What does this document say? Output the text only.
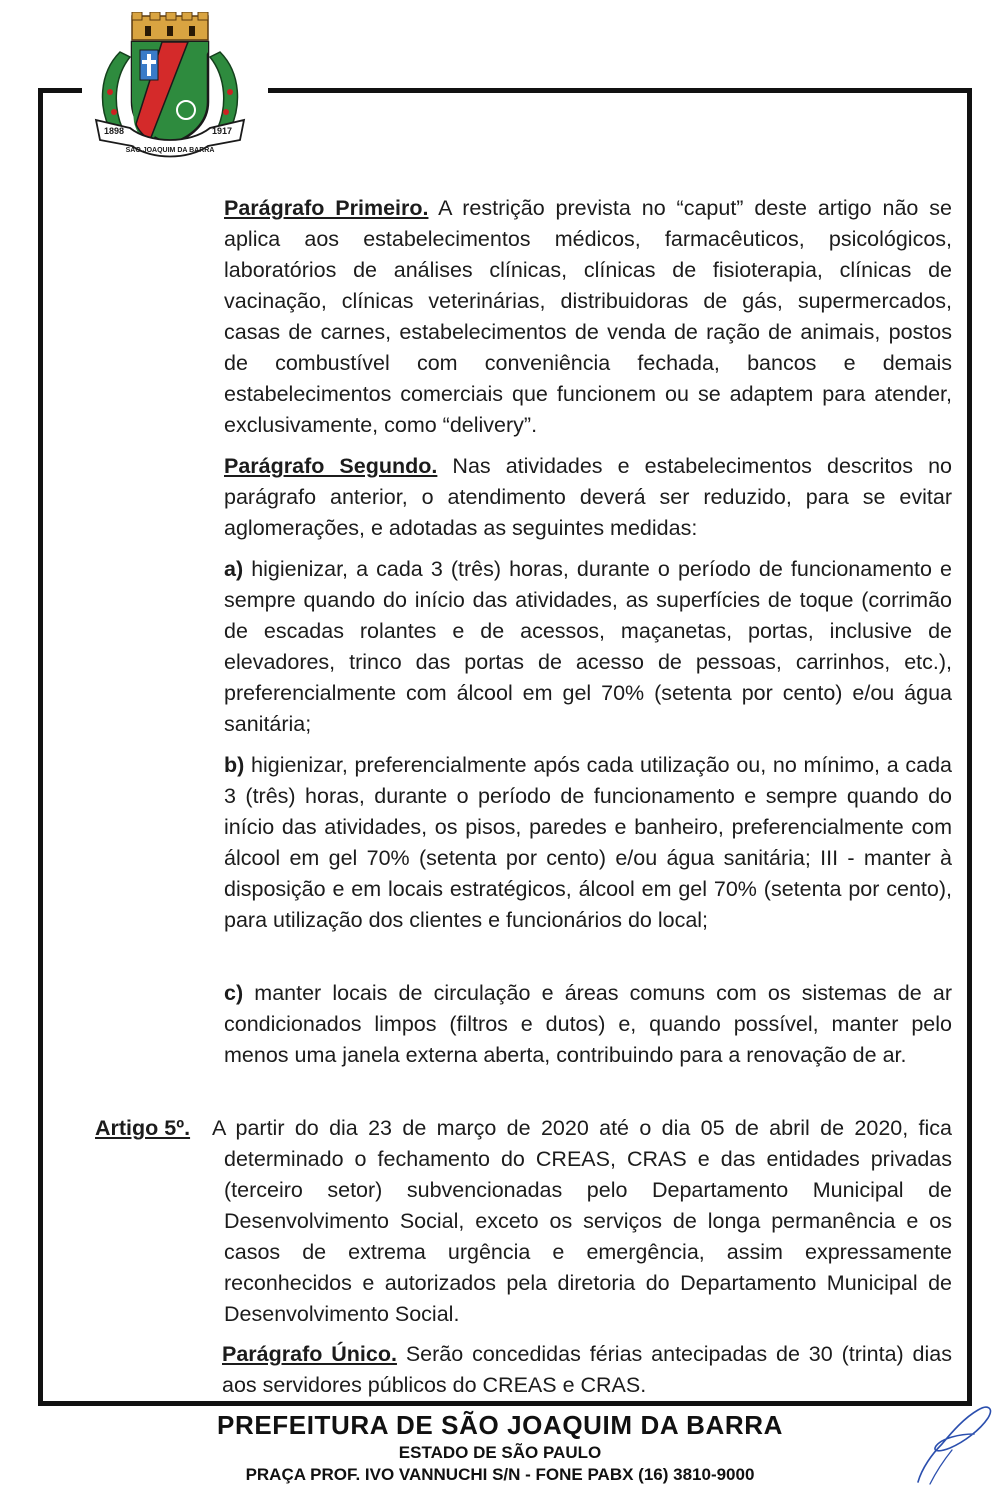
1898	1917
SÃO JOAQUIM DA BARRA

Parágrafo Primeiro. A restrição prevista no “caput” deste artigo não se aplica aos estabelecimentos médicos, farmacêuticos, psicológicos, laboratórios de análises clínicas, clínicas de fisioterapia, clínicas de vacinação, clínicas veterinárias, distribuidoras de gás, supermercados, casas de carnes, estabelecimentos de venda de ração de animais, postos de combustível com conveniência fechada, bancos e demais estabelecimentos comerciais que funcionem ou se adaptem para atender, exclusivamente, como “delivery”.

Parágrafo Segundo. Nas atividades e estabelecimentos descritos no parágrafo anterior, o atendimento deverá ser reduzido, para se evitar aglomerações, e adotadas as seguintes medidas:

a) higienizar, a cada 3 (três) horas, durante o período de funcionamento e sempre quando do início das atividades, as superfícies de toque (corrimão de escadas rolantes e de acessos, maçanetas, portas, inclusive de elevadores, trinco das portas de acesso de pessoas, carrinhos, etc.), preferencialmente com álcool em gel 70% (setenta por cento) e/ou água sanitária;

b) higienizar, preferencialmente após cada utilização ou, no mínimo, a cada 3 (três) horas, durante o período de funcionamento e sempre quando do início das atividades, os pisos, paredes e banheiro, preferencialmente com álcool em gel 70% (setenta por cento) e/ou água sanitária; III - manter à disposição e em locais estratégicos, álcool em gel 70% (setenta por cento), para utilização dos clientes e funcionários do local;

c) manter locais de circulação e áreas comuns com os sistemas de ar condicionados limpos (filtros e dutos) e, quando possível, manter pelo menos uma janela externa aberta, contribuindo para a renovação de ar.

Artigo 5º. A partir do dia 23 de março de 2020 até o dia 05 de abril de 2020, fica
determinado o fechamento do CREAS, CRAS e das entidades privadas (terceiro setor) subvencionadas pelo Departamento Municipal de Desenvolvimento Social, exceto os serviços de longa permanência e os casos de extrema urgência e emergência, assim expressamente reconhecidos e autorizados pela diretoria do Departamento Municipal de Desenvolvimento Social.

Parágrafo Único. Serão concedidas férias antecipadas de 30 (trinta) dias aos servidores públicos do CREAS e CRAS.

PREFEITURA DE SÃO JOAQUIM DA BARRA
ESTADO DE SÃO PAULO
PRAÇA PROF. IVO VANNUCHI S/N - FONE PABX (16) 3810-9000
